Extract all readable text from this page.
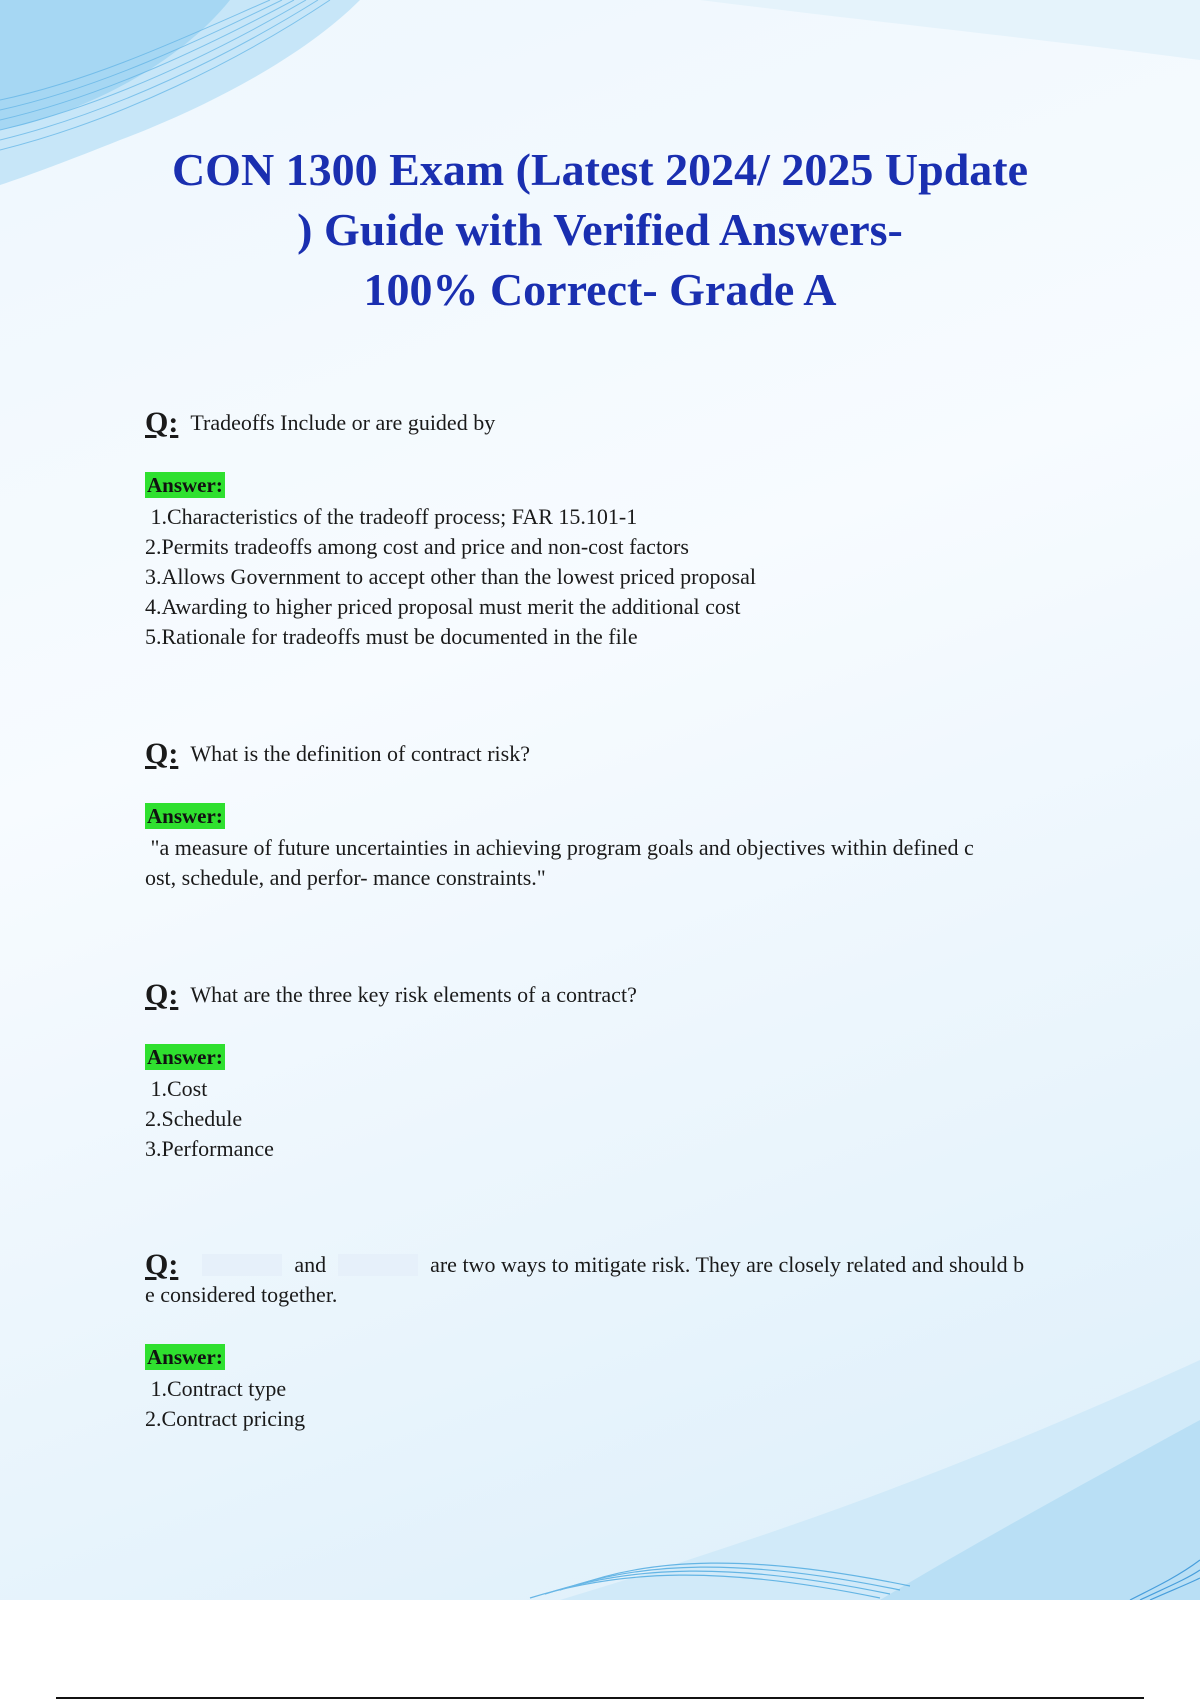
CON 1300 Exam (Latest 2024/ 2025 Update
) Guide with Verified Answers-
100% Correct- Grade A

Q: Tradeoffs Include or are guided by

Answer:

1.Characteristics of the tradeoff process; FAR 15.101-1

2.Permits tradeoffs among cost and price and non-cost factors

3.Allows Government to accept other than the lowest priced proposal

4.Awarding to higher priced proposal must merit the additional cost

5.Rationale for tradeoffs must be documented in the file

Q: What is the definition of contract risk?

Answer:

"a measure of future uncertainties in achieving program goals and objectives within defined c

ost, schedule, and perfor- mance constraints."

Q: What are the three key risk elements of a contract?

Answer:

1.Cost

2.Schedule

3.Performance

Q:	and	are two ways to mitigate risk. They are closely related and should b

e considered together.

Answer:

1.Contract type

2.Contract pricing
